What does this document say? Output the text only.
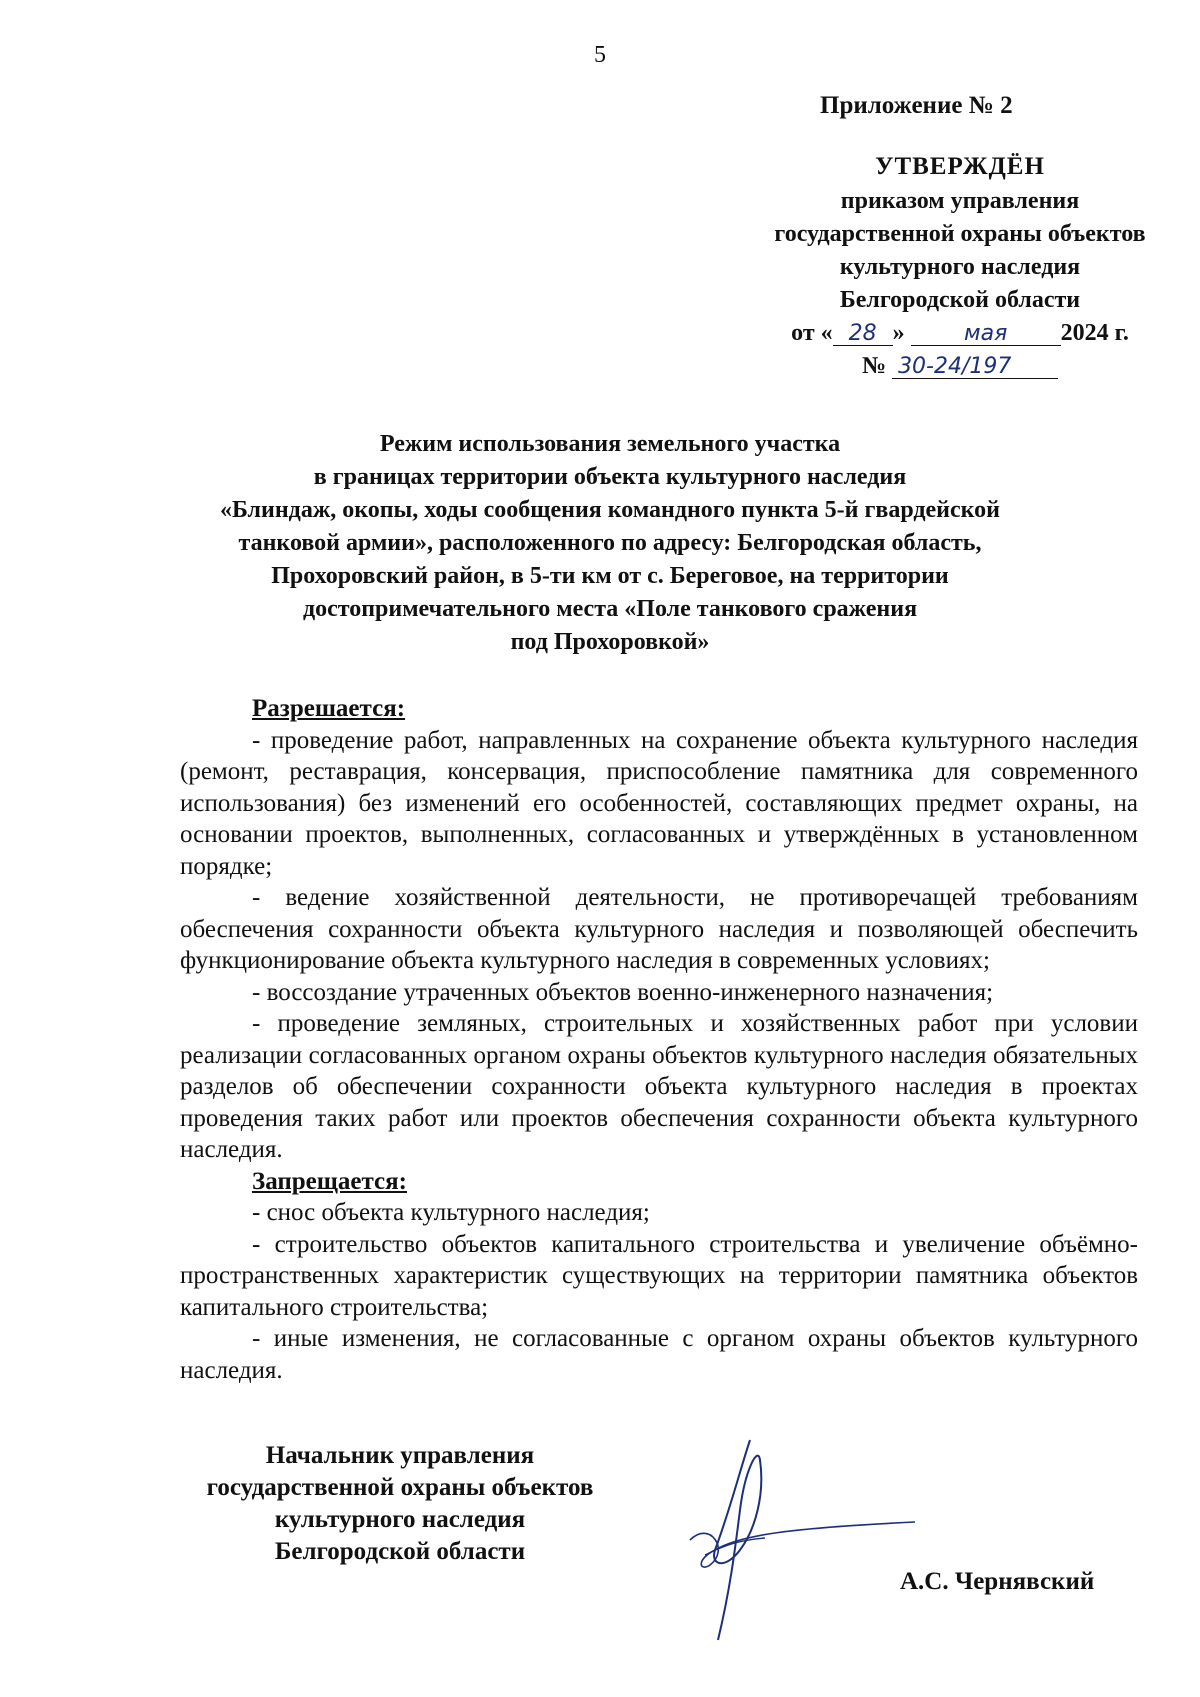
5
Приложение № 2
УТВЕРЖДЁН
приказом управления
государственной охраны объектов
культурного наследия
Белгородской области
от « 28 »	мая 2024 г.
№ 30-24/197
Режим использования земельного участка
в границах территории объекта культурного наследия
«Блиндаж, окопы, ходы сообщения командного пункта 5-й гвардейской
танковой армии», расположенного по адресу: Белгородская область,
Прохоровский район, в 5-ти км от с. Береговое, на территории
достопримечательного места «Поле танкового сражения
под Прохоровкой»
Разрешается:

- проведение работ, направленных на сохранение объекта культурного наследия (ремонт, реставрация, консервация, приспособление памятника для современного использования) без изменений его особенностей, составляющих предмет охраны, на основании проектов, выполненных, согласованных и утверждённых в установленном порядке;

- ведение хозяйственной деятельности, не противоречащей требованиям обеспечения сохранности объекта культурного наследия и позволяющей обеспечить функционирование объекта культурного наследия в современных условиях;

- воссоздание утраченных объектов военно-инженерного назначения;

- проведение земляных, строительных и хозяйственных работ при условии реализации согласованных органом охраны объектов культурного наследия обязательных разделов об обеспечении сохранности объекта культурного наследия в проектах проведения таких работ или проектов обеспечения сохранности объекта культурного наследия.

Запрещается:

- снос объекта культурного наследия;

- строительство объектов капитального строительства и увеличение объёмно-пространственных характеристик существующих на территории памятника объектов капитального строительства;

- иные изменения, не согласованные с органом охраны объектов культурного наследия.

Начальник управления
государственной охраны объектов
культурного наследия
Белгородской области
А.С. Чернявский
